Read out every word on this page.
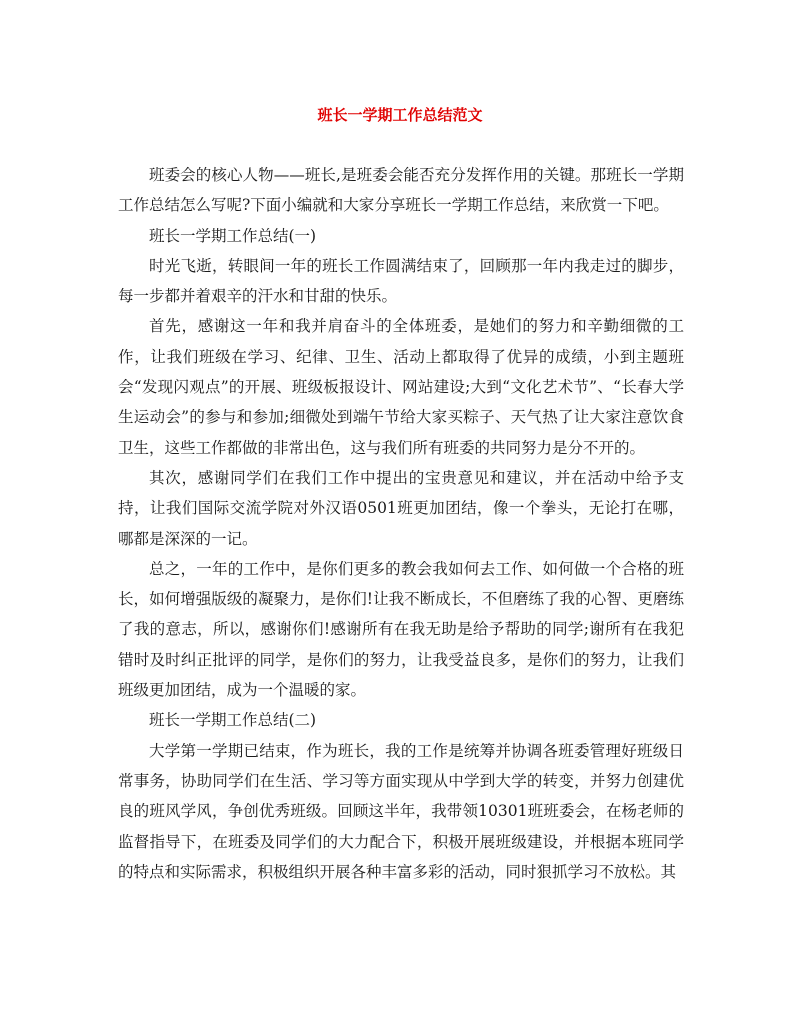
班长一学期工作总结范文

班委会的核心人物——班长,是班委会能否充分发挥作用的关键。那班长一学期工作总结怎么写呢?下面小编就和大家分享班长一学期工作总结，来欣赏一下吧。

班长一学期工作总结(一)

时光飞逝，转眼间一年的班长工作圆满结束了，回顾那一年内我走过的脚步，每一步都并着艰辛的汗水和甘甜的快乐。

首先，感谢这一年和我并肩奋斗的全体班委，是她们的努力和辛勤细微的工作，让我们班级在学习、纪律、卫生、活动上都取得了优异的成绩，小到主题班会“发现闪观点”的开展、班级板报设计、网站建设;大到“文化艺术节”、“长春大学生运动会”的参与和参加;细微处到端午节给大家买粽子、天气热了让大家注意饮食卫生，这些工作都做的非常出色，这与我们所有班委的共同努力是分不开的。

其次，感谢同学们在我们工作中提出的宝贵意见和建议，并在活动中给予支持，让我们国际交流学院对外汉语0501班更加团结，像一个拳头，无论打在哪，哪都是深深的一记。

总之，一年的工作中，是你们更多的教会我如何去工作、如何做一个合格的班长，如何增强版级的凝聚力，是你们!让我不断成长，不但磨练了我的心智、更磨练了我的意志，所以，感谢你们!感谢所有在我无助是给予帮助的同学;谢所有在我犯错时及时纠正批评的同学，是你们的努力，让我受益良多，是你们的努力，让我们班级更加团结，成为一个温暖的家。

班长一学期工作总结(二)

大学第一学期已结束，作为班长，我的工作是统筹并协调各班委管理好班级日常事务，协助同学们在生活、学习等方面实现从中学到大学的转变，并努力创建优良的班风学风，争创优秀班级。回顾这半年，我带领10301班班委会，在杨老师的监督指导下，在班委及同学们的大力配合下，积极开展班级建设，并根据本班同学的特点和实际需求，积极组织开展各种丰富多彩的活动，同时狠抓学习不放松。其
